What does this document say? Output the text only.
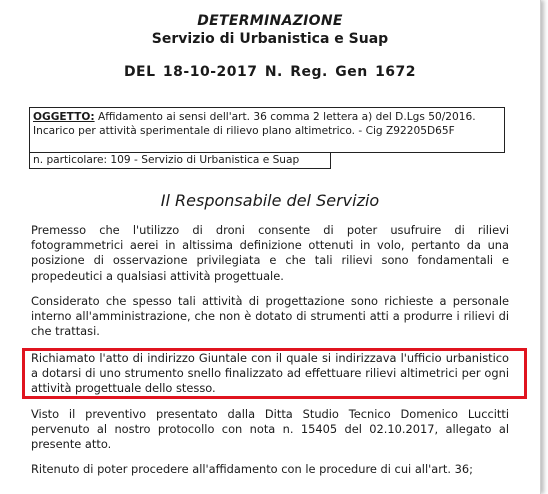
DETERMINAZIONE
Servizio di Urbanistica e Suap
DEL 18-10-2017 N. Reg. Gen 1672
OGGETTO: Affidamento ai sensi dell'art. 36 comma 2 lettera a) del D.Lgs 50/2016. Incarico per attività sperimentale di rilievo plano altimetrico. - Cig Z92205D65F
n. particolare: 109 - Servizio di Urbanistica e Suap
Il Responsabile del Servizio
Premesso che l'utilizzo di droni consente di poter usufruire di rilievi fotogrammetrici aerei in altissima definizione ottenuti in volo, pertanto da una posizione di osservazione privilegiata e che tali rilievi sono fondamentali e propedeutici a qualsiasi attività progettuale.
Considerato che spesso tali attività di progettazione sono richieste a personale interno all'amministrazione, che non è dotato di strumenti atti a produrre i rilievi di che trattasi.
Richiamato l'atto di indirizzo Giuntale con il quale si indirizzava l'ufficio urbanistico a dotarsi di uno strumento snello finalizzato ad effettuare rilievi altimetrici per ogni attività progettuale dello stesso.
Visto il preventivo presentato dalla Ditta Studio Tecnico Domenico Luccitti pervenuto al nostro protocollo con nota n. 15405 del 02.10.2017, allegato al presente atto.
Ritenuto di poter procedere all'affidamento con le procedure di cui all'art. 36;
